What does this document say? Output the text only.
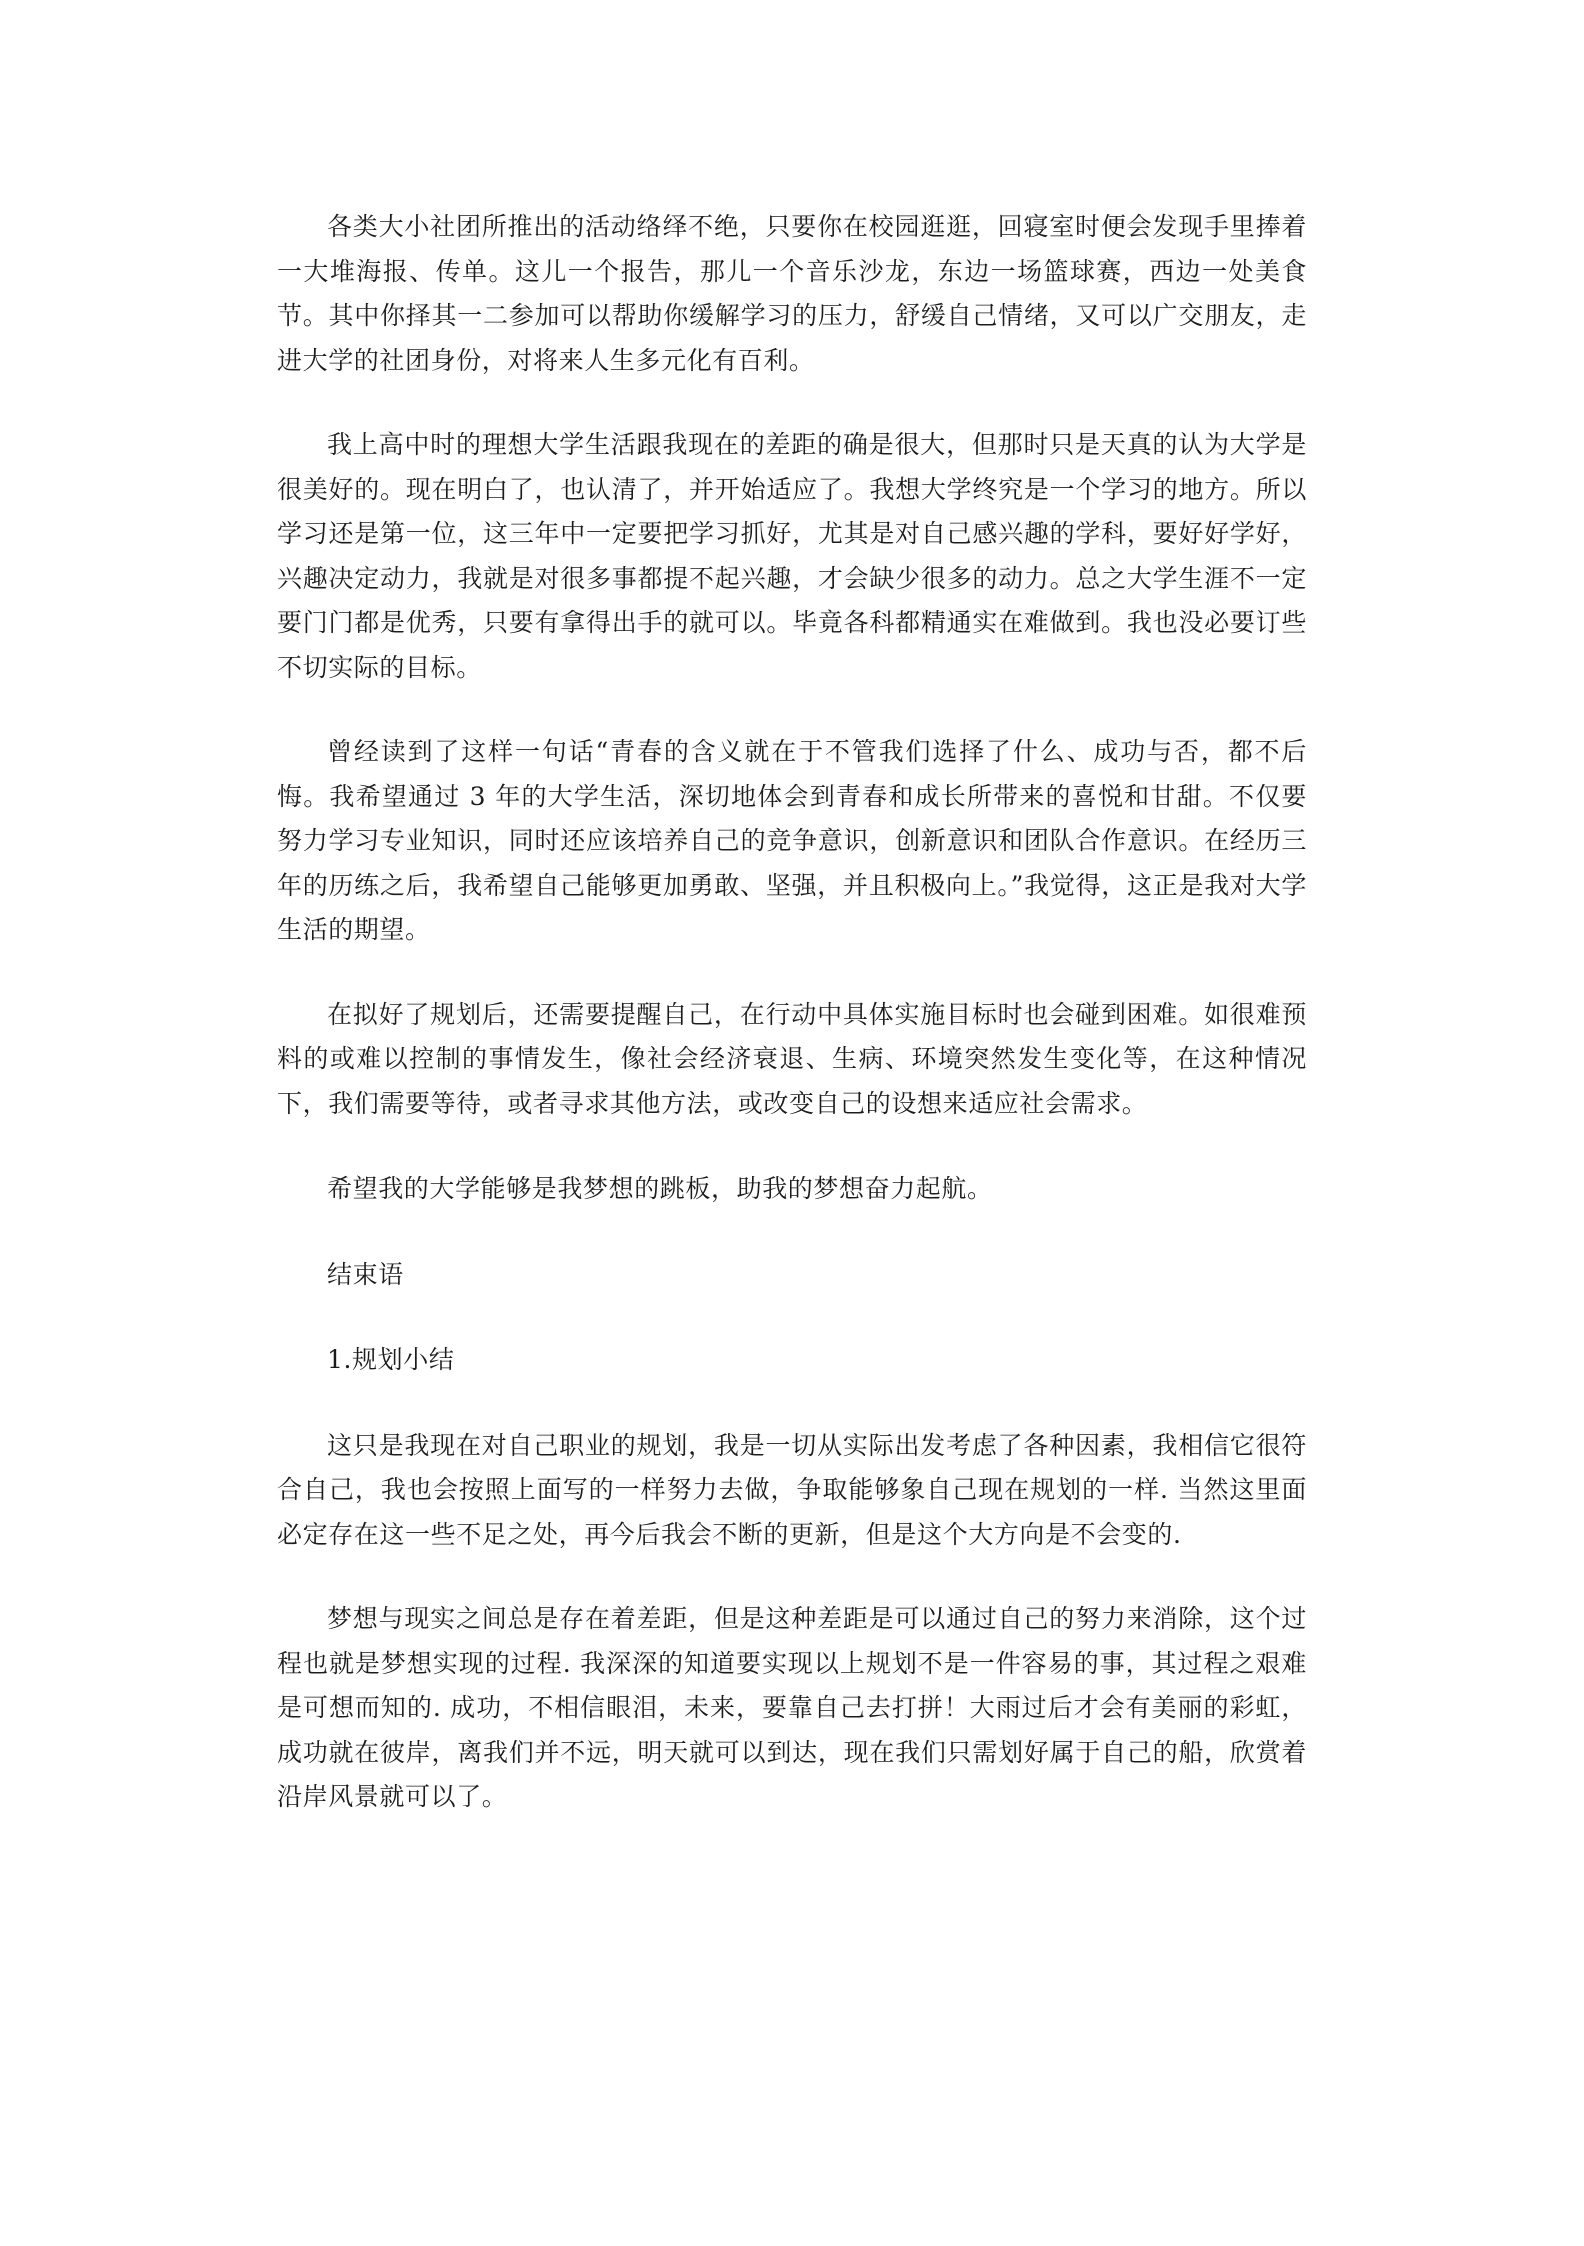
各类大小社团所推出的活动络绎不绝，只要你在校园逛逛，回寝室时便会发现手里捧着一大堆海报、传单。这儿一个报告，那儿一个音乐沙龙，东边一场篮球赛，西边一处美食节。其中你择其一二参加可以帮助你缓解学习的压力，舒缓自己情绪，又可以广交朋友，走进大学的社团身份，对将来人生多元化有百利。

我上高中时的理想大学生活跟我现在的差距的确是很大，但那时只是天真的认为大学是很美好的。现在明白了，也认清了，并开始适应了。我想大学终究是一个学习的地方。所以学习还是第一位，这三年中一定要把学习抓好，尤其是对自己感兴趣的学科，要好好学好，兴趣决定动力，我就是对很多事都提不起兴趣，才会缺少很多的动力。总之大学生涯不一定要门门都是优秀，只要有拿得出手的就可以。毕竟各科都精通实在难做到。我也没必要订些不切实际的目标。

曾经读到了这样一句话“青春的含义就在于不管我们选择了什么、成功与否，都不后悔。我希望通过 3 年的大学生活，深切地体会到青春和成长所带来的喜悦和甘甜。不仅要努力学习专业知识，同时还应该培养自己的竞争意识，创新意识和团队合作意识。在经历三年的历练之后，我希望自己能够更加勇敢、坚强，并且积极向上。”我觉得，这正是我对大学生活的期望。

在拟好了规划后，还需要提醒自己，在行动中具体实施目标时也会碰到困难。如很难预料的或难以控制的事情发生，像社会经济衰退、生病、环境突然发生变化等，在这种情况下，我们需要等待，或者寻求其他方法，或改变自己的设想来适应社会需求。

希望我的大学能够是我梦想的跳板，助我的梦想奋力起航。

结束语

1.规划小结

这只是我现在对自己职业的规划，我是一切从实际出发考虑了各种因素，我相信它很符合自己，我也会按照上面写的一样努力去做，争取能够象自己现在规划的一样. 当然这里面必定存在这一些不足之处，再今后我会不断的更新，但是这个大方向是不会变的.

梦想与现实之间总是存在着差距，但是这种差距是可以通过自己的努力来消除，这个过程也就是梦想实现的过程. 我深深的知道要实现以上规划不是一件容易的事，其过程之艰难是可想而知的. 成功，不相信眼泪，未来，要靠自己去打拼！大雨过后才会有美丽的彩虹，成功就在彼岸，离我们并不远，明天就可以到达，现在我们只需划好属于自己的船，欣赏着沿岸风景就可以了。
